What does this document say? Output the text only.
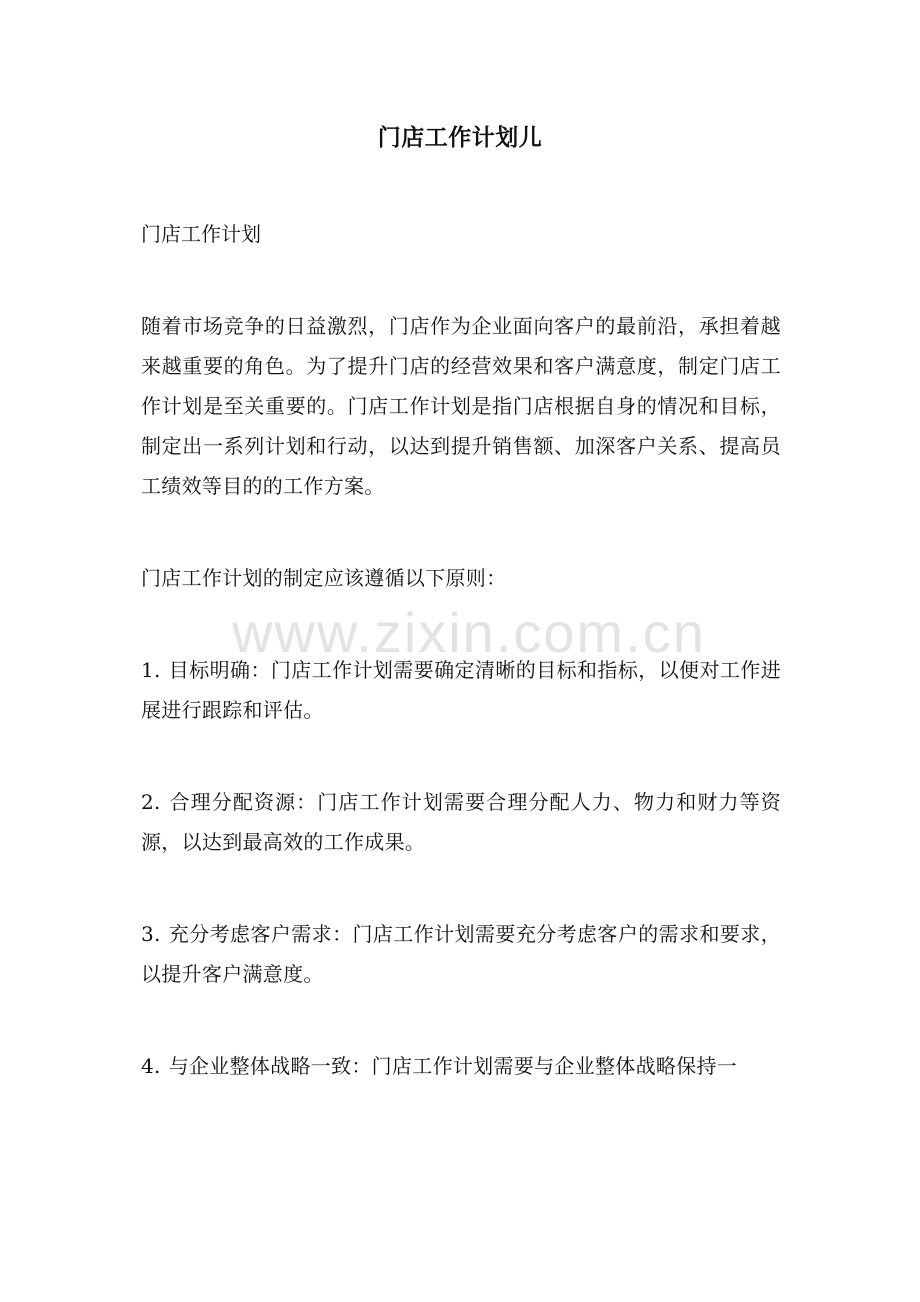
门店工作计划儿
门店工作计划

随着市场竞争的日益激烈，门店作为企业面向客户的最前沿，承担着越来越重要的角色。为了提升门店的经营效果和客户满意度，制定门店工作计划是至关重要的。门店工作计划是指门店根据自身的情况和目标，制定出一系列计划和行动，以达到提升销售额、加深客户关系、提高员工绩效等目的的工作方案。

门店工作计划的制定应该遵循以下原则：

1. 目标明确：门店工作计划需要确定清晰的目标和指标，以便对工作进展进行跟踪和评估。

2. 合理分配资源：门店工作计划需要合理分配人力、物力和财力等资源，以达到最高效的工作成果。

3. 充分考虑客户需求：门店工作计划需要充分考虑客户的需求和要求，以提升客户满意度。

4. 与企业整体战略一致：门店工作计划需要与企业整体战略保持一

www.zixin.com.cn
